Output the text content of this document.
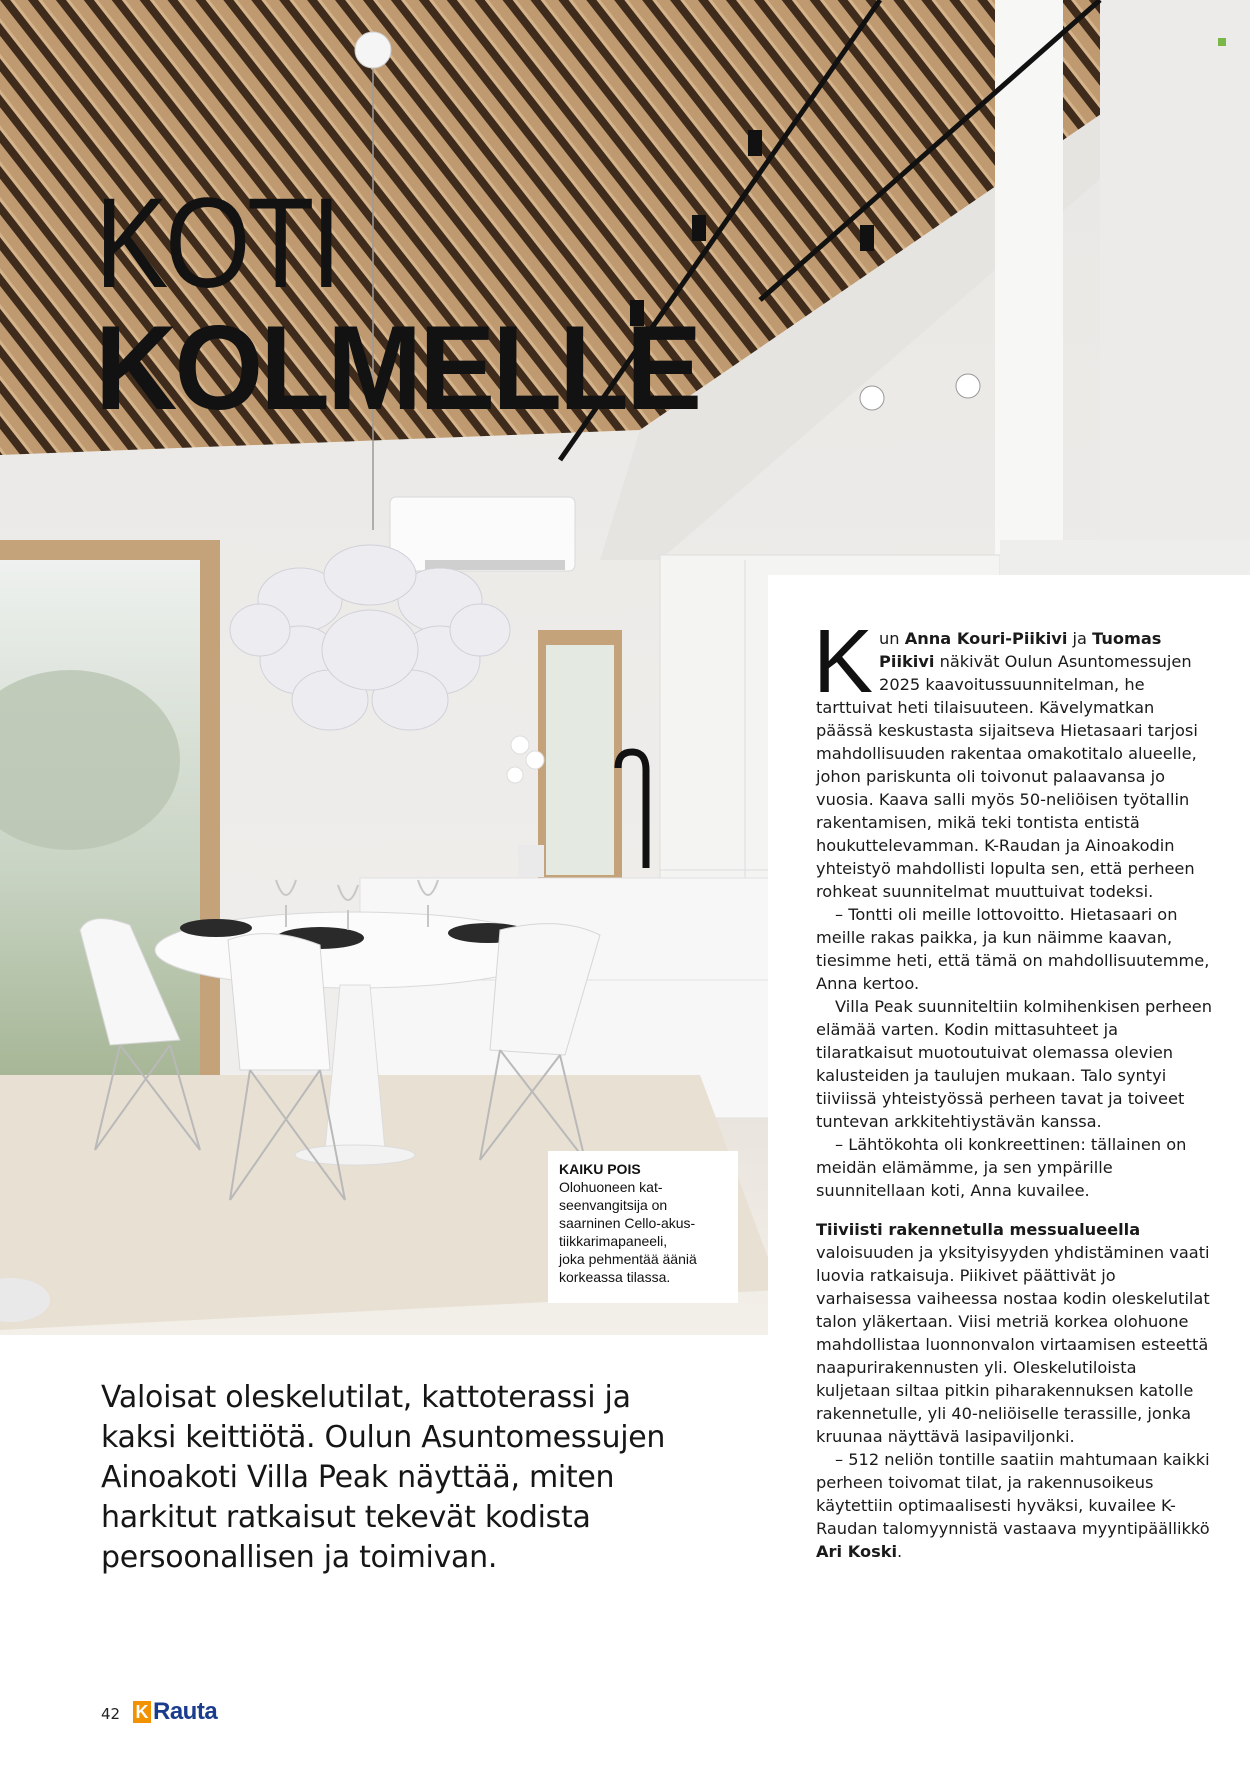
KOTI
KOLMELLE
KAIKU POIS
Olohuoneen kat-
seenvangitsija on
saarninen Cello-akus-
tiikkarimapaneeli,
joka pehmentää ääniä
korkeassa tilassa.

Kun Anna Kouri-Piikivi ja Tuomas Piikivi näkivät Oulun Asuntomessujen 2025 kaavoitussuunnitelman, he tarttuivat heti tilaisuuteen. Kävelymatkan päässä keskustasta sijaitseva Hietasaari tarjosi mahdollisuuden rakentaa omakotitalo alueelle, johon pariskunta oli toivonut palaavansa jo vuosia. Kaava salli myös 50-neliöisen työtallin rakentamisen, mikä teki tontista entistä houkuttelevamman. K-Raudan ja Ainoakodin yhteistyö mahdollisti lopulta sen, että perheen rohkeat suunnitelmat muuttuivat todeksi.

– Tontti oli meille lottovoitto. Hietasaari on meille rakas paikka, ja kun näimme kaavan, tiesimme heti, että tämä on mahdollisuutemme, Anna kertoo.

Villa Peak suunniteltiin kolmihenkisen perheen elämää varten. Kodin mittasuhteet ja tilaratkaisut muotoutuivat olemassa olevien kalusteiden ja taulujen mukaan. Talo syntyi tiiviissä yhteistyössä perheen tavat ja toiveet tuntevan arkkitehtiystävän kanssa.

– Lähtökohta oli konkreettinen: tällainen on meidän elämämme, ja sen ympärille suunnitellaan koti, Anna kuvailee.

Tiiviisti rakennetulla messualueella

valoisuuden ja yksityisyyden yhdistäminen vaati luovia ratkaisuja. Piikivet päättivät jo varhaisessa vaiheessa nostaa kodin oleskelutilat talon yläkertaan. Viisi metriä korkea olohuone mahdollistaa luonnonvalon virtaamisen esteettä naapurirakennusten yli. Oleskelutiloista kuljetaan siltaa pitkin piharakennuksen katolle rakennetulle, yli 40-neliöiselle terassille, jonka kruunaa näyttävä lasipaviljonki.

– 512 neliön tontille saatiin mahtumaan kaikki perheen toivomat tilat, ja rakennusoikeus käytettiin optimaalisesti hyväksi, kuvailee K-Raudan talomyynnistä vastaava myyntipäällikkö Ari Koski.

Valoisat oleskelutilat, kattoterassi ja kaksi keittiötä. Oulun Asuntomessujen Ainoakoti Villa Peak näyttää, miten harkitut ratkaisut tekevät kodista persoonallisen ja toimivan.

42 K Rauta
